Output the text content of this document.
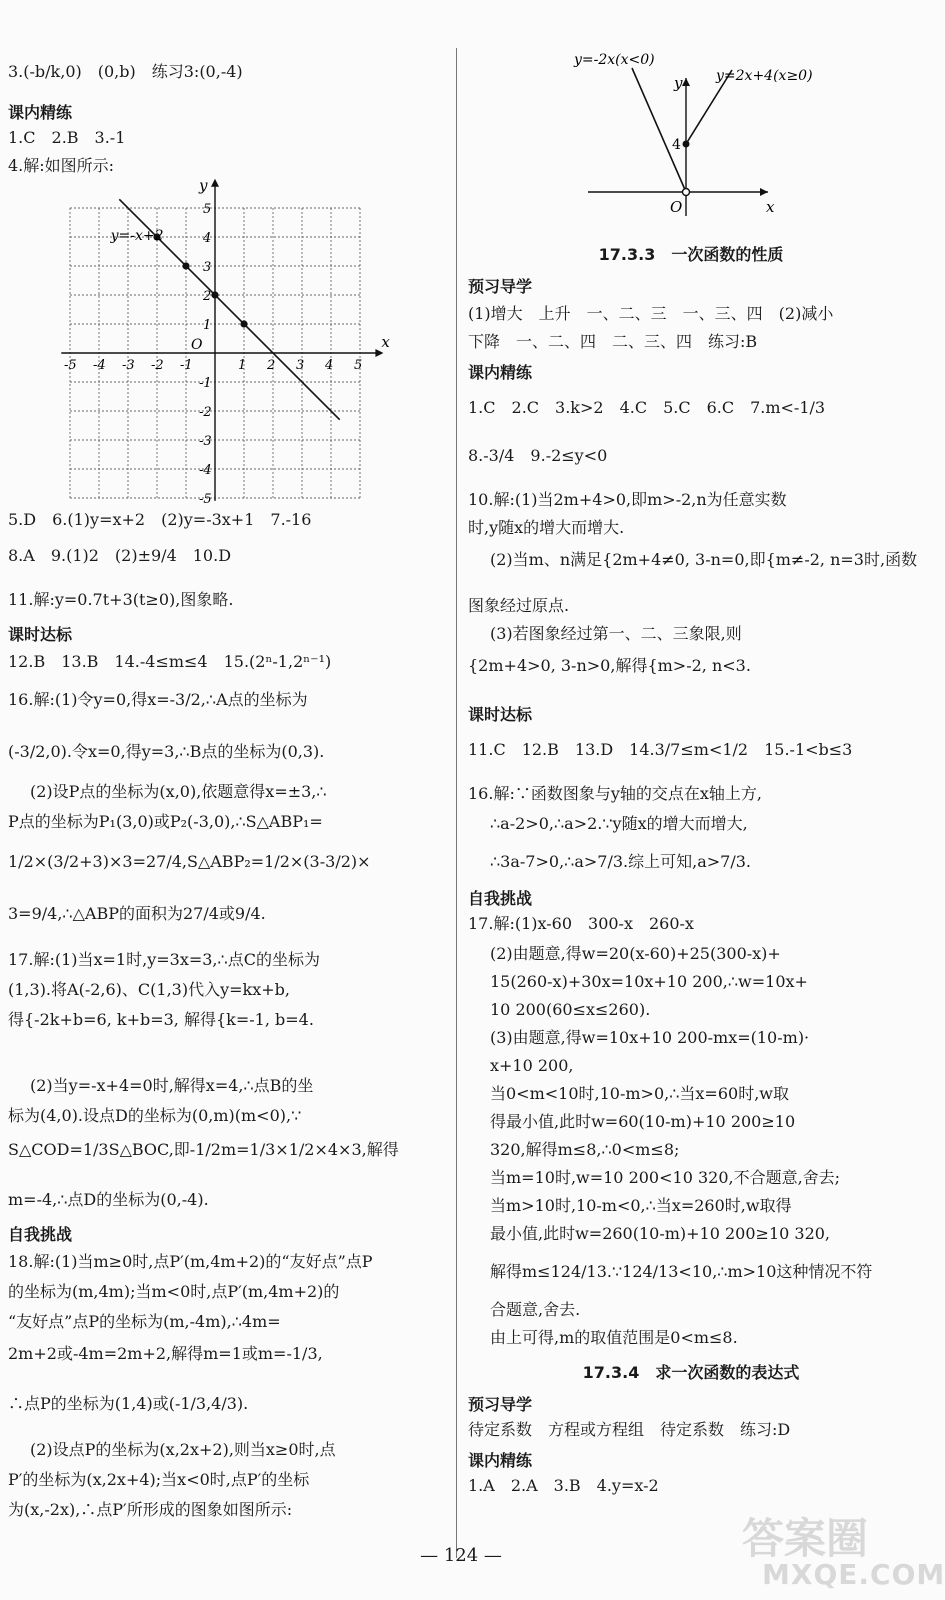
3.(-b/k,0)　(0,b)　练习3:(0,-4)
课内精练
1.C　2.B　3.-1
4.解:如图所示:
5.D　6.(1)y=x+2　(2)y=-3x+1　7.-16
8.A　9.(1)2　(2)±9/4　10.D
11.解:y=0.7t+3(t≥0),图象略.
课时达标
12.B　13.B　14.-4≤m≤4　15.(2ⁿ-1,2ⁿ⁻¹)
16.解:(1)令y=0,得x=-3/2,∴A点的坐标为
(-3/2,0).令x=0,得y=3,∴B点的坐标为(0,3).
(2)设P点的坐标为(x,0),依题意得x=±3,∴
P点的坐标为P₁(3,0)或P₂(-3,0),∴S△ABP₁=
1/2×(3/2+3)×3=27/4,S△ABP₂=1/2×(3-3/2)×
3=9/4,∴△ABP的面积为27/4或9/4.
17.解:(1)当x=1时,y=3x=3,∴点C的坐标为
(1,3).将A(-2,6)、C(1,3)代入y=kx+b,
得{-2k+b=6, k+b=3, 解得{k=-1, b=4.
(2)当y=-x+4=0时,解得x=4,∴点B的坐
标为(4,0).设点D的坐标为(0,m)(m<0),∵
S△COD=1/3S△BOC,即-1/2m=1/3×1/2×4×3,解得
m=-4,∴点D的坐标为(0,-4).
自我挑战
18.解:(1)当m≥0时,点P′(m,4m+2)的“友好点”点P
的坐标为(m,4m);当m<0时,点P′(m,4m+2)的
“友好点”点P的坐标为(m,-4m),∴4m=
2m+2或-4m=2m+2,解得m=1或m=-1/3,
∴点P的坐标为(1,4)或(-1/3,4/3).
(2)设点P的坐标为(x,2x+2),则当x≥0时,点
P′的坐标为(x,2x+4);当x<0时,点P′的坐标
为(x,-2x),∴点P′所形成的图象如图所示:
17.3.3　一次函数的性质
预习导学
(1)增大　上升　一、二、三　一、三、四　(2)减小
下降　一、二、四　二、三、四　练习:B
课内精练
1.C　2.C　3.k>2　4.C　5.C　6.C　7.m<-1/3
8.-3/4　9.-2≤y<0
10.解:(1)当2m+4>0,即m>-2,n为任意实数
时,y随x的增大而增大.
(2)当m、n满足{2m+4≠0, 3-n=0,即{m≠-2, n=3时,函数
图象经过原点.
(3)若图象经过第一、二、三象限,则
{2m+4>0, 3-n>0,解得{m>-2, n<3.
课时达标
11.C　12.B　13.D　14.3/7≤m<1/2　15.-1<b≤3
16.解:∵函数图象与y轴的交点在x轴上方,
∴a-2>0,∴a>2.∵y随x的增大而增大,
∴3a-7>0,∴a>7/3.综上可知,a>7/3.
自我挑战
17.解:(1)x-60　300-x　260-x
(2)由题意,得w=20(x-60)+25(300-x)+
15(260-x)+30x=10x+10 200,∴w=10x+
10 200(60≤x≤260).
(3)由题意,得w=10x+10 200-mx=(10-m)·
x+10 200,
当0<m<10时,10-m>0,∴当x=60时,w取
得最小值,此时w=60(10-m)+10 200≥10
320,解得m≤8,∴0<m≤8;
当m=10时,w=10 200<10 320,不合题意,舍去;
当m>10时,10-m<0,∴当x=260时,w取得
最小值,此时w=260(10-m)+10 200≥10 320,
解得m≤124/13.∵124/13<10,∴m>10这种情况不符
合题意,舍去.
由上可得,m的取值范围是0<m≤8.
17.3.4　求一次函数的表达式
预习导学
待定系数　方程或方程组　待定系数　练习:D
课内精练
1.A　2.A　3.B　4.y=x-2
-5 -4 -3 -2 -1	1 2 3 4 5
5
4
3
2
1
-1
-2
-3
-4
-5
y=-x+2
x
y
O
y=-2x(x<0)
y=2x+4(x≥0)
4
O	x
y
— 124 —	答案圈
MXQE.COM
